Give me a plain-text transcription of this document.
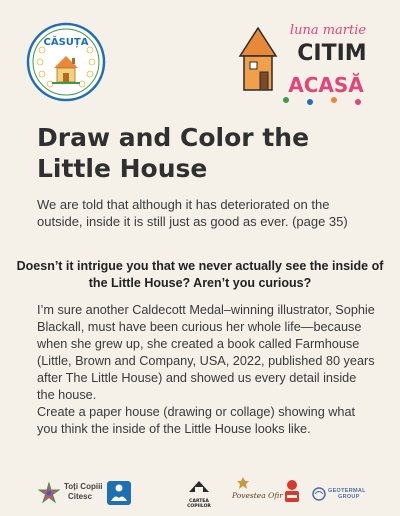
CĂSUȚA
luna martie
CITIM
ACASĂ
Draw and Color the Little House

We are told that although it has deteriorated on the outside, inside it is still just as good as ever. (page 35)

Doesn’t it intrigue you that we never actually see the inside of the Little House? Aren’t you curious?

I’m sure another Caldecott Medal–winning illustrator, Sophie Blackall, must have been curious her whole life—because when she grew up, she created a book called Farmhouse (Little, Brown and Company, USA, 2022, published 80 years after The Little House) and showed us every detail inside the house.

Create a paper house (drawing or collage) showing what you think the inside of the Little House looks like.

Toți Copiii
Citesc
CARTEA
COPIILOR
Povestea Ofir	GEOTERMAL
GROUP
